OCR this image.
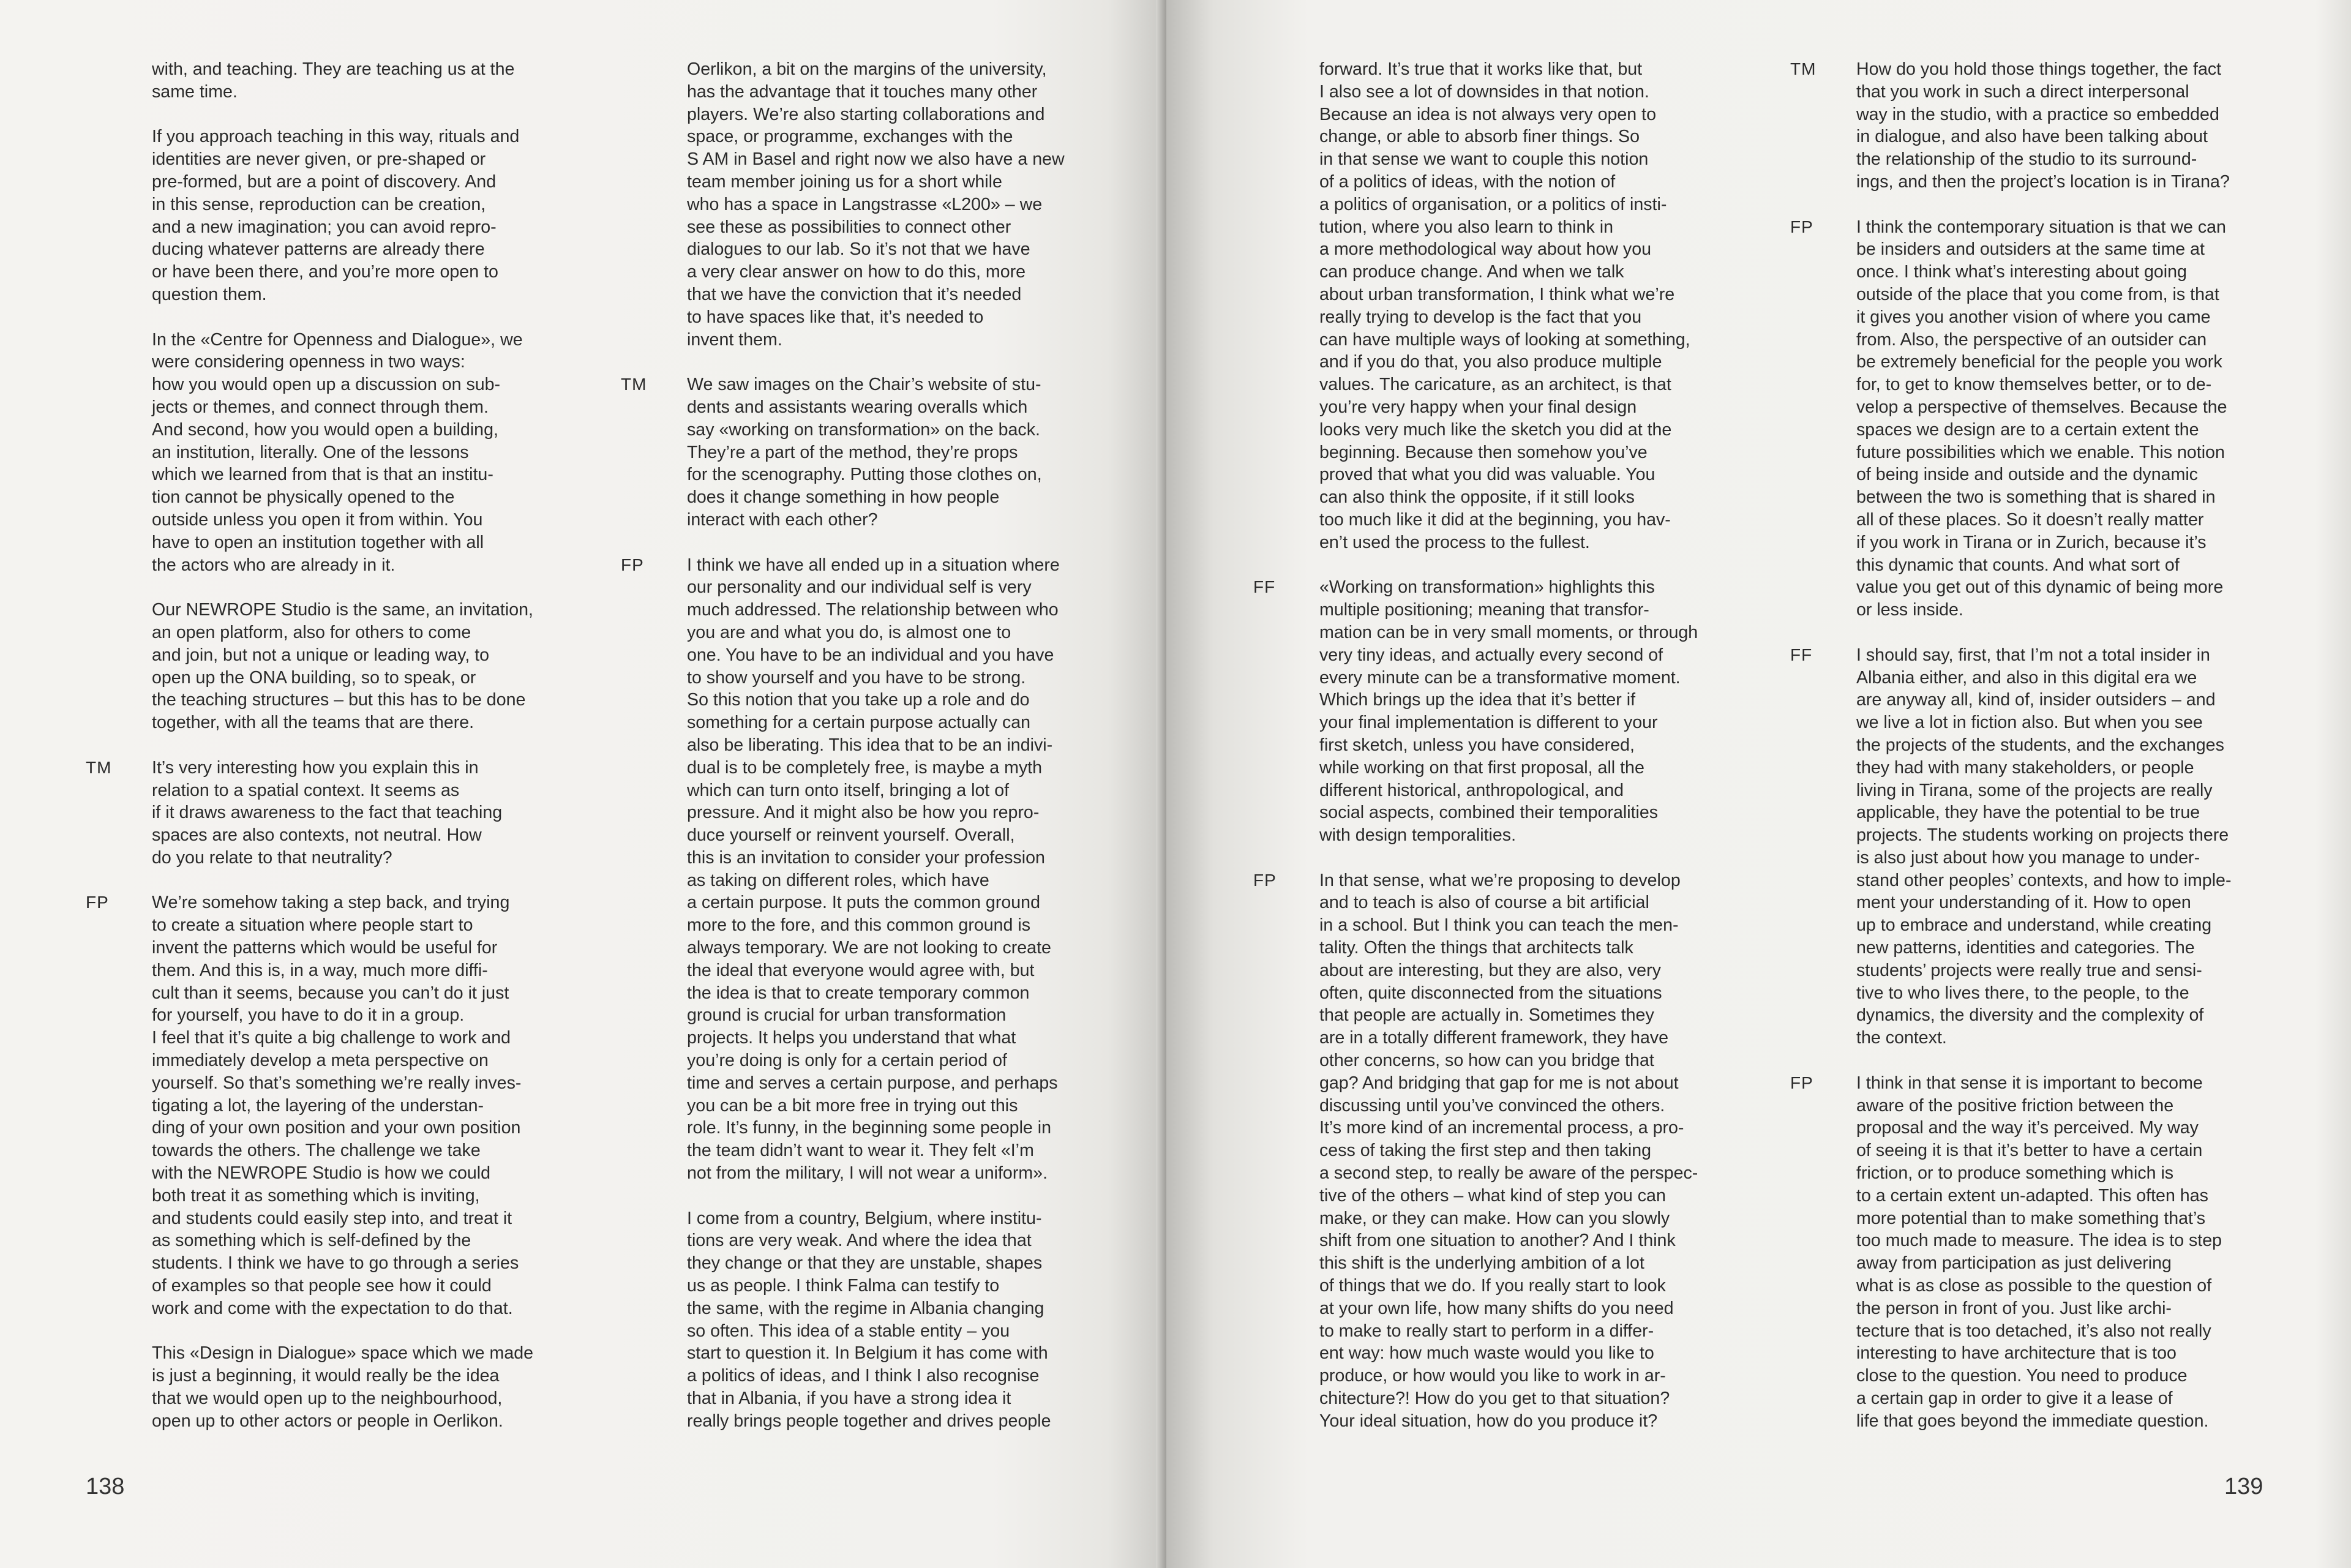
with, and teaching. They are teaching us at the
same time.

If you approach teaching in this way, rituals and
identities are never given, or pre-shaped or
pre-formed, but are a point of discovery. And
in this sense, reproduction can be creation,
and a new imagination; you can avoid repro-
ducing whatever patterns are already there
or have been there, and you’re more open to
question them.

In the «Centre for Openness and Dialogue», we
were considering openness in two ways:
how you would open up a discussion on sub-
jects or themes, and connect through them.
And second, how you would open a building,
an institution, literally. One of the lessons
which we learned from that is that an institu-
tion cannot be physically opened to the
outside unless you open it from within. You
have to open an institution together with all
the actors who are already in it.

Our NEWROPE Studio is the same, an invitation,
an open platform, also for others to come
and join, but not a unique or leading way, to
open up the ONA building, so to speak, or
the teaching structures – but this has to be done
together, with all the teams that are there.

TM It’s very interesting how you explain this in
relation to a spatial context. It seems as
if it draws awareness to the fact that teaching
spaces are also contexts, not neutral. How
do you relate to that neutrality?

FP We’re somehow taking a step back, and trying
to create a situation where people start to
invent the patterns which would be useful for
them. And this is, in a way, much more diffi-
cult than it seems, because you can’t do it just
for yourself, you have to do it in a group.
I feel that it’s quite a big challenge to work and
immediately develop a meta perspective on
yourself. So that’s something we’re really inves-
tigating a lot, the layering of the understan-
ding of your own position and your own position
towards the others. The challenge we take
with the NEWROPE Studio is how we could
both treat it as something which is inviting,
and students could easily step into, and treat it
as something which is self-defined by the
students. I think we have to go through a series
of examples so that people see how it could
work and come with the expectation to do that.

This «Design in Dialogue» space which we made
is just a beginning, it would really be the idea
that we would open up to the neighbourhood,
open up to other actors or people in Oerlikon.

Oerlikon, a bit on the margins of the university,
has the advantage that it touches many other
players. We’re also starting collaborations and
space, or programme, exchanges with the
S AM in Basel and right now we also have a new
team member joining us for a short while
who has a space in Langstrasse «L200» – we
see these as possibilities to connect other
dialogues to our lab. So it’s not that we have
a very clear answer on how to do this, more
that we have the conviction that it’s needed
to have spaces like that, it’s needed to
invent them.

TM We saw images on the Chair’s website of stu-
dents and assistants wearing overalls which
say «working on transformation» on the back.
They’re a part of the method, they’re props
for the scenography. Putting those clothes on,
does it change something in how people
interact with each other?

FP I think we have all ended up in a situation where
our personality and our individual self is very
much addressed. The relationship between who
you are and what you do, is almost one to
one. You have to be an individual and you have
to show yourself and you have to be strong.
So this notion that you take up a role and do
something for a certain purpose actually can
also be liberating. This idea that to be an indivi-
dual is to be completely free, is maybe a myth
which can turn onto itself, bringing a lot of
pressure. And it might also be how you repro-
duce yourself or reinvent yourself. Overall,
this is an invitation to consider your profession
as taking on different roles, which have
a certain purpose. It puts the common ground
more to the fore, and this common ground is
always temporary. We are not looking to create
the ideal that everyone would agree with, but
the idea is that to create temporary common
ground is crucial for urban transformation
projects. It helps you understand that what
you’re doing is only for a certain period of
time and serves a certain purpose, and perhaps
you can be a bit more free in trying out this
role. It’s funny, in the beginning some people in
the team didn’t want to wear it. They felt «I’m
not from the military, I will not wear a uniform».

I come from a country, Belgium, where institu-
tions are very weak. And where the idea that
they change or that they are unstable, shapes
us as people. I think Falma can testify to
the same, with the regime in Albania changing
so often. This idea of a stable entity – you
start to question it. In Belgium it has come with
a politics of ideas, and I think I also recognise
that in Albania, if you have a strong idea it
really brings people together and drives people

138

forward. It’s true that it works like that, but
I also see a lot of downsides in that notion.
Because an idea is not always very open to
change, or able to absorb finer things. So
in that sense we want to couple this notion
of a politics of ideas, with the notion of
a politics of organisation, or a politics of insti-
tution, where you also learn to think in
a more methodological way about how you
can produce change. And when we talk
about urban transformation, I think what we’re
really trying to develop is the fact that you
can have multiple ways of looking at something,
and if you do that, you also produce multiple
values. The caricature, as an architect, is that
you’re very happy when your final design
looks very much like the sketch you did at the
beginning. Because then somehow you’ve
proved that what you did was valuable. You
can also think the opposite, if it still looks
too much like it did at the beginning, you hav-
en’t used the process to the fullest.

FF	«Working on transformation» highlights this
multiple positioning; meaning that transfor-
mation can be in very small moments, or through
very tiny ideas, and actually every second of
every minute can be a transformative moment.
Which brings up the idea that it’s better if
your final implementation is different to your
first sketch, unless you have considered,
while working on that first proposal, all the
different historical, anthropological, and
social aspects, combined their temporalities
with design temporalities.

FP In that sense, what we’re proposing to develop
and to teach is also of course a bit artificial
in a school. But I think you can teach the men-
tality. Often the things that architects talk
about are interesting, but they are also, very
often, quite disconnected from the situations
that people are actually in. Sometimes they
are in a totally different framework, they have
other concerns, so how can you bridge that
gap? And bridging that gap for me is not about
discussing until you’ve convinced the others.
It’s more kind of an incremental process, a pro-
cess of taking the first step and then taking
a second step, to really be aware of the perspec-
tive of the others – what kind of step you can
make, or they can make. How can you slowly
shift from one situation to another? And I think
this shift is the underlying ambition of a lot
of things that we do. If you really start to look
at your own life, how many shifts do you need
to make to really start to perform in a differ-
ent way: how much waste would you like to
produce, or how would you like to work in ar-
chitecture?! How do you get to that situation?
Your ideal situation, how do you produce it?

TM How do you hold those things together, the fact
that you work in such a direct interpersonal
way in the studio, with a practice so embedded
in dialogue, and also have been talking about
the relationship of the studio to its surround-
ings, and then the project’s location is in Tirana?

FP I think the contemporary situation is that we can
be insiders and outsiders at the same time at
once. I think what’s interesting about going
outside of the place that you come from, is that
it gives you another vision of where you came
from. Also, the perspective of an outsider can
be extremely beneficial for the people you work
for, to get to know themselves better, or to de-
velop a perspective of themselves. Because the
spaces we design are to a certain extent the
future possibilities which we enable. This notion
of being inside and outside and the dynamic
between the two is something that is shared in
all of these places. So it doesn’t really matter
if you work in Tirana or in Zurich, because it’s
this dynamic that counts. And what sort of
value you get out of this dynamic of being more
or less inside.

FF	I should say, first, that I’m not a total insider in
Albania either, and also in this digital era we
are anyway all, kind of, insider outsiders – and
we live a lot in fiction also. But when you see
the projects of the students, and the exchanges
they had with many stakeholders, or people
living in Tirana, some of the projects are really
applicable, they have the potential to be true
projects. The students working on projects there
is also just about how you manage to under-
stand other peoples’ contexts, and how to imple-
ment your understanding of it. How to open
up to embrace and understand, while creating
new patterns, identities and categories. The
students’ projects were really true and sensi-
tive to who lives there, to the people, to the
dynamics, the diversity and the complexity of
the context.

FP I think in that sense it is important to become
aware of the positive friction between the
proposal and the way it’s perceived. My way
of seeing it is that it’s better to have a certain
friction, or to produce something which is
to a certain extent un-adapted. This often has
more potential than to make something that’s
too much made to measure. The idea is to step
away from participation as just delivering
what is as close as possible to the question of
the person in front of you. Just like archi-
tecture that is too detached, it’s also not really
interesting to have architecture that is too
close to the question. You need to produce
a certain gap in order to give it a lease of
life that goes beyond the immediate question.

139
